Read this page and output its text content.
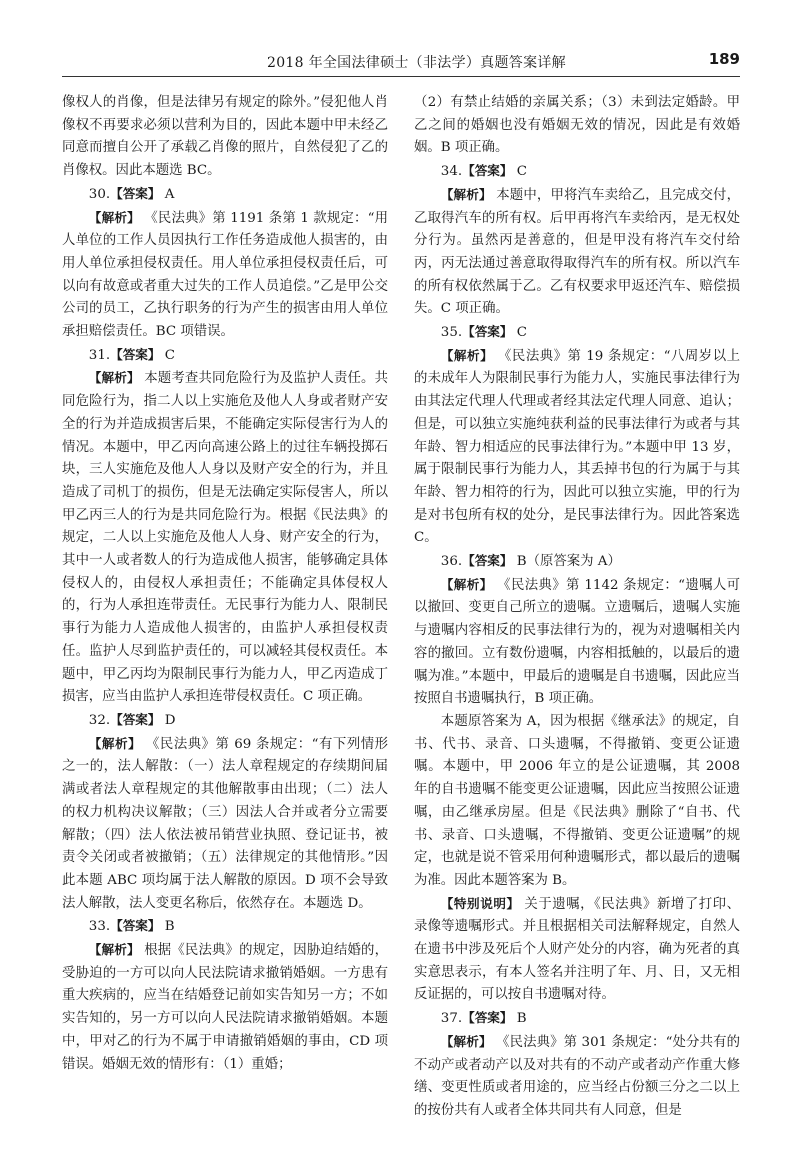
2018 年全国法律硕士（非法学）真题答案详解	189

像权人的肖像，但是法律另有规定的除外。”侵犯他人肖像权不再要求必须以营利为目的，因此本题中甲未经乙同意而擅自公开了承载乙肖像的照片，自然侵犯了乙的肖像权。因此本题选 BC。

30.【答案】 A

【解析】 《民法典》第 1191 条第 1 款规定：“用人单位的工作人员因执行工作任务造成他人损害的，由用人单位承担侵权责任。用人单位承担侵权责任后，可以向有故意或者重大过失的工作人员追偿。”乙是甲公交公司的员工，乙执行职务的行为产生的损害由用人单位承担赔偿责任。BC 项错误。

31.【答案】 C

【解析】 本题考查共同危险行为及监护人责任。共同危险行为，指二人以上实施危及他人人身或者财产安全的行为并造成损害后果，不能确定实际侵害行为人的情况。本题中，甲乙丙向高速公路上的过往车辆投掷石块，三人实施危及他人人身以及财产安全的行为，并且造成了司机丁的损伤，但是无法确定实际侵害人，所以甲乙丙三人的行为是共同危险行为。根据《民法典》的规定，二人以上实施危及他人人身、财产安全的行为，其中一人或者数人的行为造成他人损害，能够确定具体侵权人的，由侵权人承担责任；不能确定具体侵权人的，行为人承担连带责任。无民事行为能力人、限制民事行为能力人造成他人损害的，由监护人承担侵权责任。监护人尽到监护责任的，可以减轻其侵权责任。本题中，甲乙丙均为限制民事行为能力人，甲乙丙造成丁损害，应当由监护人承担连带侵权责任。C 项正确。

32.【答案】 D

【解析】 《民法典》第 69 条规定：“有下列情形之一的，法人解散：（一）法人章程规定的存续期间届满或者法人章程规定的其他解散事由出现；（二）法人的权力机构决议解散；（三）因法人合并或者分立需要解散；（四）法人依法被吊销营业执照、登记证书，被责令关闭或者被撤销；（五）法律规定的其他情形。”因此本题 ABC 项均属于法人解散的原因。D 项不会导致法人解散，法人变更名称后，依然存在。本题选 D。

33.【答案】 B

【解析】 根据《民法典》的规定，因胁迫结婚的，受胁迫的一方可以向人民法院请求撤销婚姻。一方患有重大疾病的，应当在结婚登记前如实告知另一方；不如实告知的，另一方可以向人民法院请求撤销婚姻。本题中，甲对乙的行为不属于申请撤销婚姻的事由，CD 项错误。婚姻无效的情形有：（1）重婚；

（2）有禁止结婚的亲属关系；（3）未到法定婚龄。甲乙之间的婚姻也没有婚姻无效的情况，因此是有效婚姻。B 项正确。

34.【答案】 C

【解析】 本题中，甲将汽车卖给乙，且完成交付，乙取得汽车的所有权。后甲再将汽车卖给丙，是无权处分行为。虽然丙是善意的，但是甲没有将汽车交付给丙，丙无法通过善意取得取得汽车的所有权。所以汽车的所有权依然属于乙。乙有权要求甲返还汽车、赔偿损失。C 项正确。

35.【答案】 C

【解析】 《民法典》第 19 条规定：“八周岁以上的未成年人为限制民事行为能力人，实施民事法律行为由其法定代理人代理或者经其法定代理人同意、追认；但是，可以独立实施纯获利益的民事法律行为或者与其年龄、智力相适应的民事法律行为。”本题中甲 13 岁，属于限制民事行为能力人，其丢掉书包的行为属于与其年龄、智力相符的行为，因此可以独立实施，甲的行为是对书包所有权的处分，是民事法律行为。因此答案选 C。

36.【答案】 B（原答案为 A）

【解析】 《民法典》第 1142 条规定：“遗嘱人可以撤回、变更自己所立的遗嘱。立遗嘱后，遗嘱人实施与遗嘱内容相反的民事法律行为的，视为对遗嘱相关内容的撤回。立有数份遗嘱，内容相抵触的，以最后的遗嘱为准。”本题中，甲最后的遗嘱是自书遗嘱，因此应当按照自书遗嘱执行，B 项正确。

本题原答案为 A，因为根据《继承法》的规定，自书、代书、录音、口头遗嘱，不得撤销、变更公证遗嘱。本题中，甲 2006 年立的是公证遗嘱，其 2008 年的自书遗嘱不能变更公证遗嘱，因此应当按照公证遗嘱，由乙继承房屋。但是《民法典》删除了“自书、代书、录音、口头遗嘱，不得撤销、变更公证遗嘱”的规定，也就是说不管采用何种遗嘱形式，都以最后的遗嘱为准。因此本题答案为 B。

【特别说明】 关于遗嘱，《民法典》新增了打印、录像等遗嘱形式。并且根据相关司法解释规定，自然人在遗书中涉及死后个人财产处分的内容，确为死者的真实意思表示，有本人签名并注明了年、月、日，又无相反证据的，可以按自书遗嘱对待。

37.【答案】 B

【解析】 《民法典》第 301 条规定：“处分共有的不动产或者动产以及对共有的不动产或者动产作重大修缮、变更性质或者用途的，应当经占份额三分之二以上的按份共有人或者全体共同共有人同意，但是
